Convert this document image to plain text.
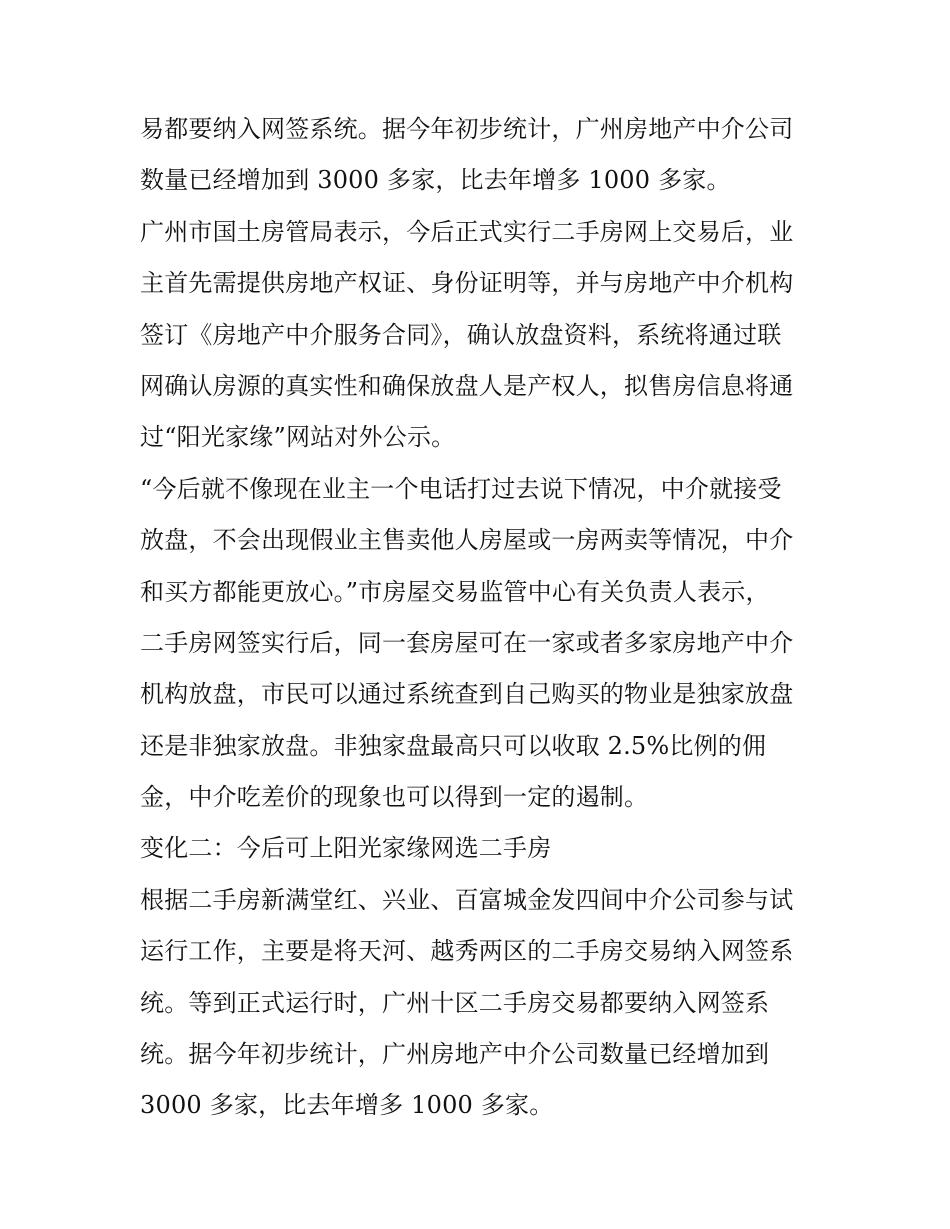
易都要纳入网签系统。据今年初步统计，广州房地产中介公司
数量已经增加到 3000 多家，比去年增多 1000 多家。
广州市国土房管局表示，今后正式实行二手房网上交易后，业
主首先需提供房地产权证、身份证明等，并与房地产中介机构
签订《房地产中介服务合同》，确认放盘资料，系统将通过联
网确认房源的真实性和确保放盘人是产权人，拟售房信息将通
过“阳光家缘”网站对外公示。
“今后就不像现在业主一个电话打过去说下情况，中介就接受
放盘，不会出现假业主售卖他人房屋或一房两卖等情况，中介
和买方都能更放心。”市房屋交易监管中心有关负责人表示，
二手房网签实行后，同一套房屋可在一家或者多家房地产中介
机构放盘，市民可以通过系统查到自己购买的物业是独家放盘
还是非独家放盘。非独家盘最高只可以收取 2.5%比例的佣
金，中介吃差价的现象也可以得到一定的遏制。
变化二：今后可上阳光家缘网选二手房
根据二手房新满堂红、兴业、百富城金发四间中介公司参与试
运行工作，主要是将天河、越秀两区的二手房交易纳入网签系
统。等到正式运行时，广州十区二手房交易都要纳入网签系
统。据今年初步统计，广州房地产中介公司数量已经增加到
3000 多家，比去年增多 1000 多家。
